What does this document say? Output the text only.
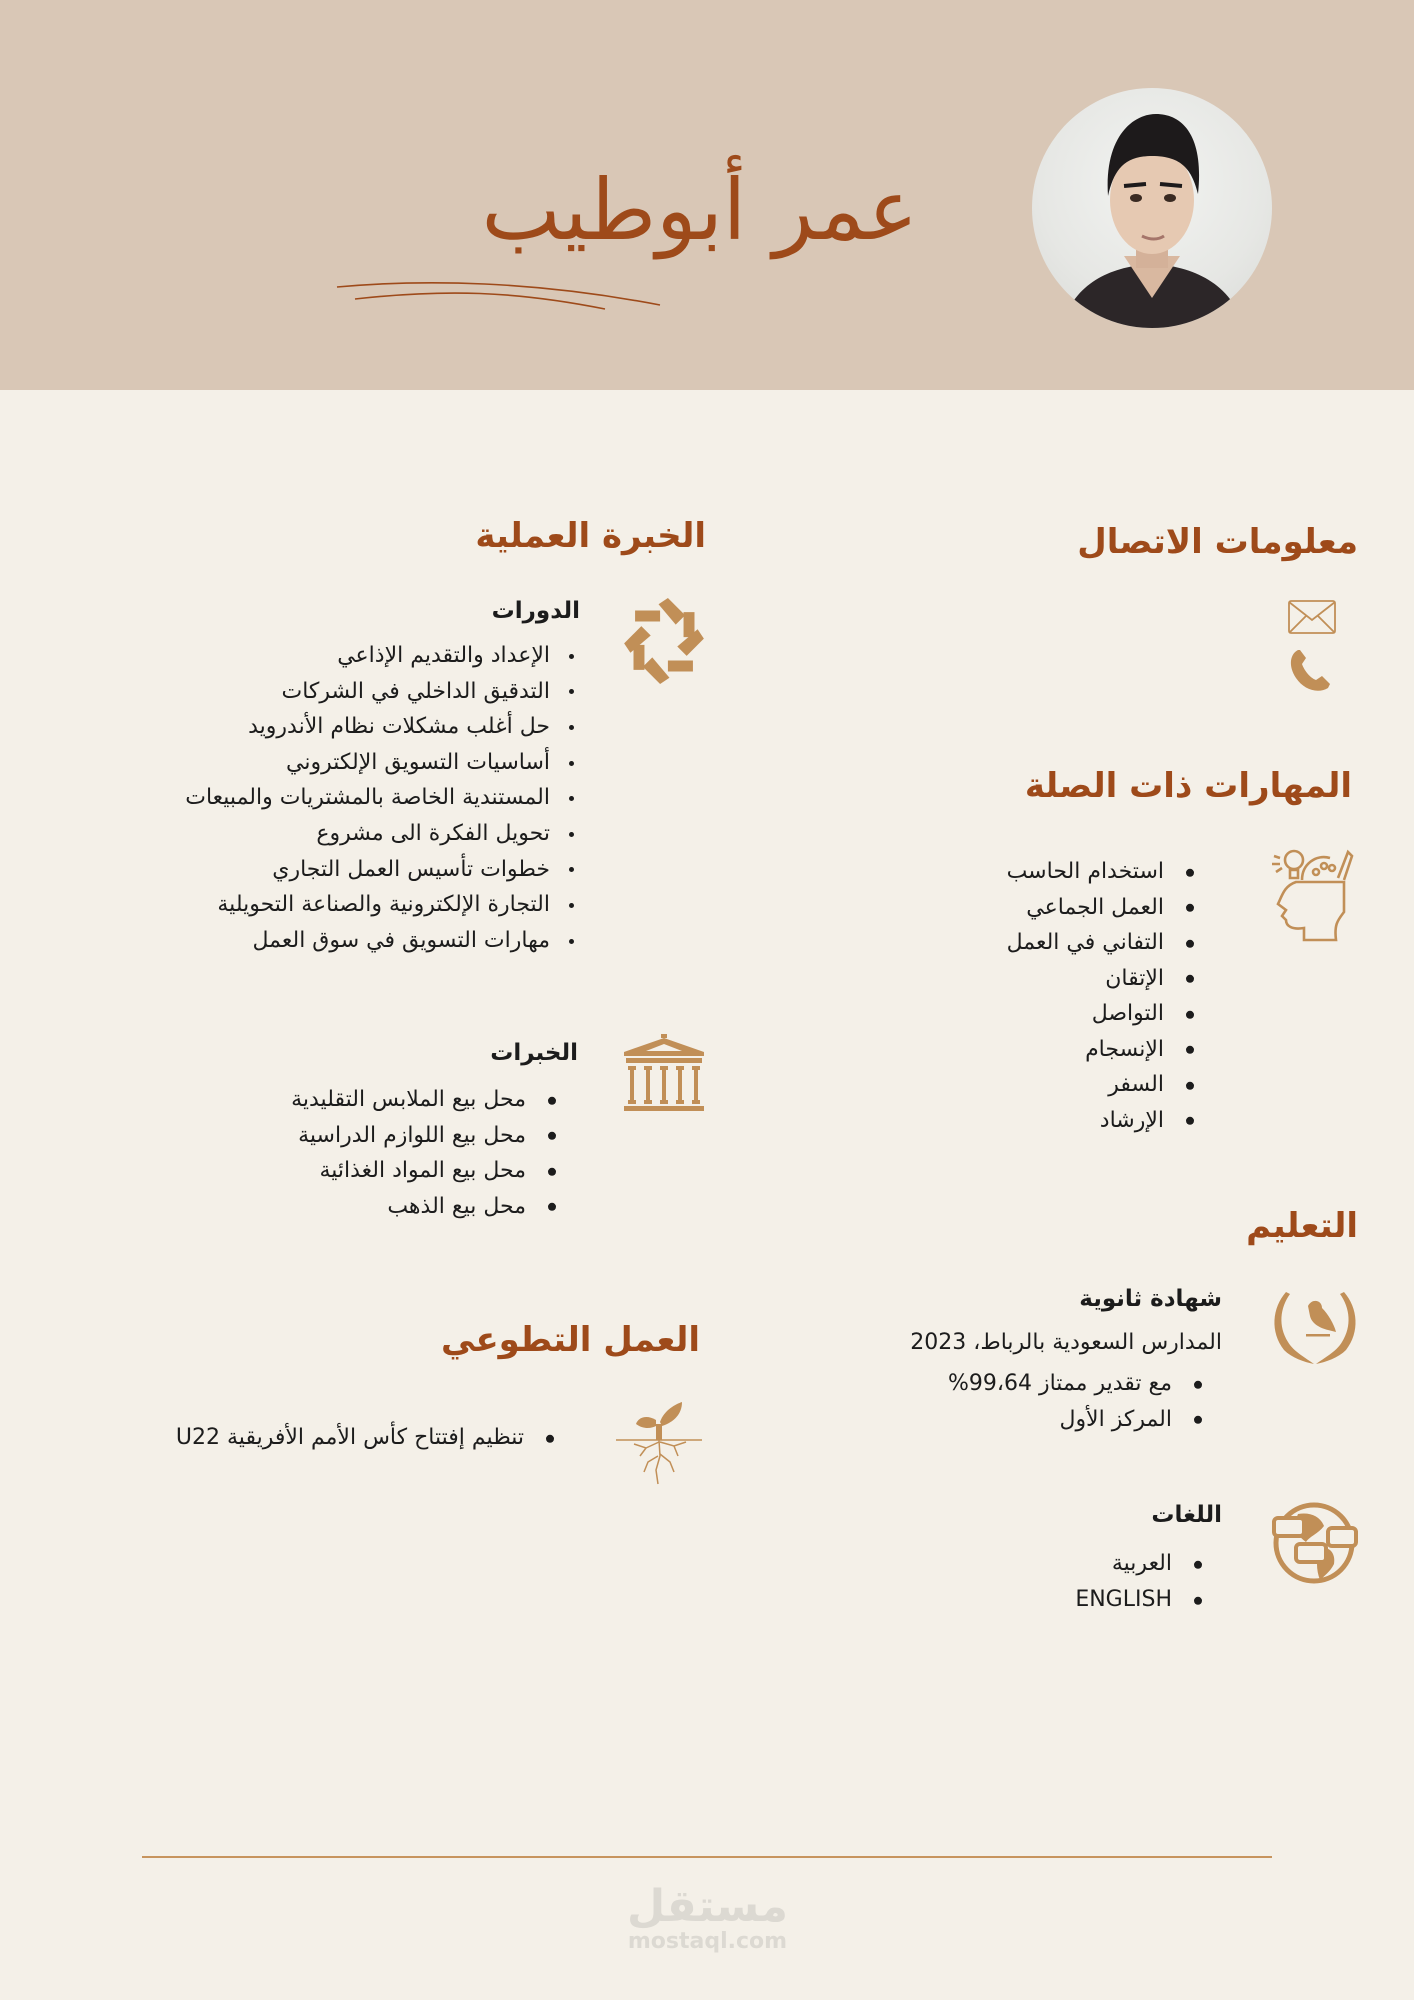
عمر أبوطيب
معلومات الاتصال
المهارات ذات الصلة
استخدام الحاسب
العمل الجماعي
التفاني في العمل
الإتقان
التواصل
الإنسجام
السفر
الإرشاد
التعليم
شهادة ثانوية
المدارس السعودية بالرباط، 2023
مع تقدير ممتاز 99،64%
المركز الأول
اللغات
العربية
ENGLISH
الخبرة العملية
الدورات
الإعداد والتقديم الإذاعي
التدقيق الداخلي في الشركات
حل أغلب مشكلات نظام الأندرويد
أساسيات التسويق الإلكتروني
المستندية الخاصة بالمشتريات والمبيعات
تحويل الفكرة الى مشروع
خطوات تأسيس العمل التجاري
التجارة الإلكترونية والصناعة التحويلية
مهارات التسويق في سوق العمل
الخبرات
محل بيع الملابس التقليدية
محل بيع اللوازم الدراسية
محل بيع المواد الغذائية
محل بيع الذهب
العمل التطوعي
تنظيم إفتتاح كأس الأمم الأفريقية U22
مستقل
mostaql.com
